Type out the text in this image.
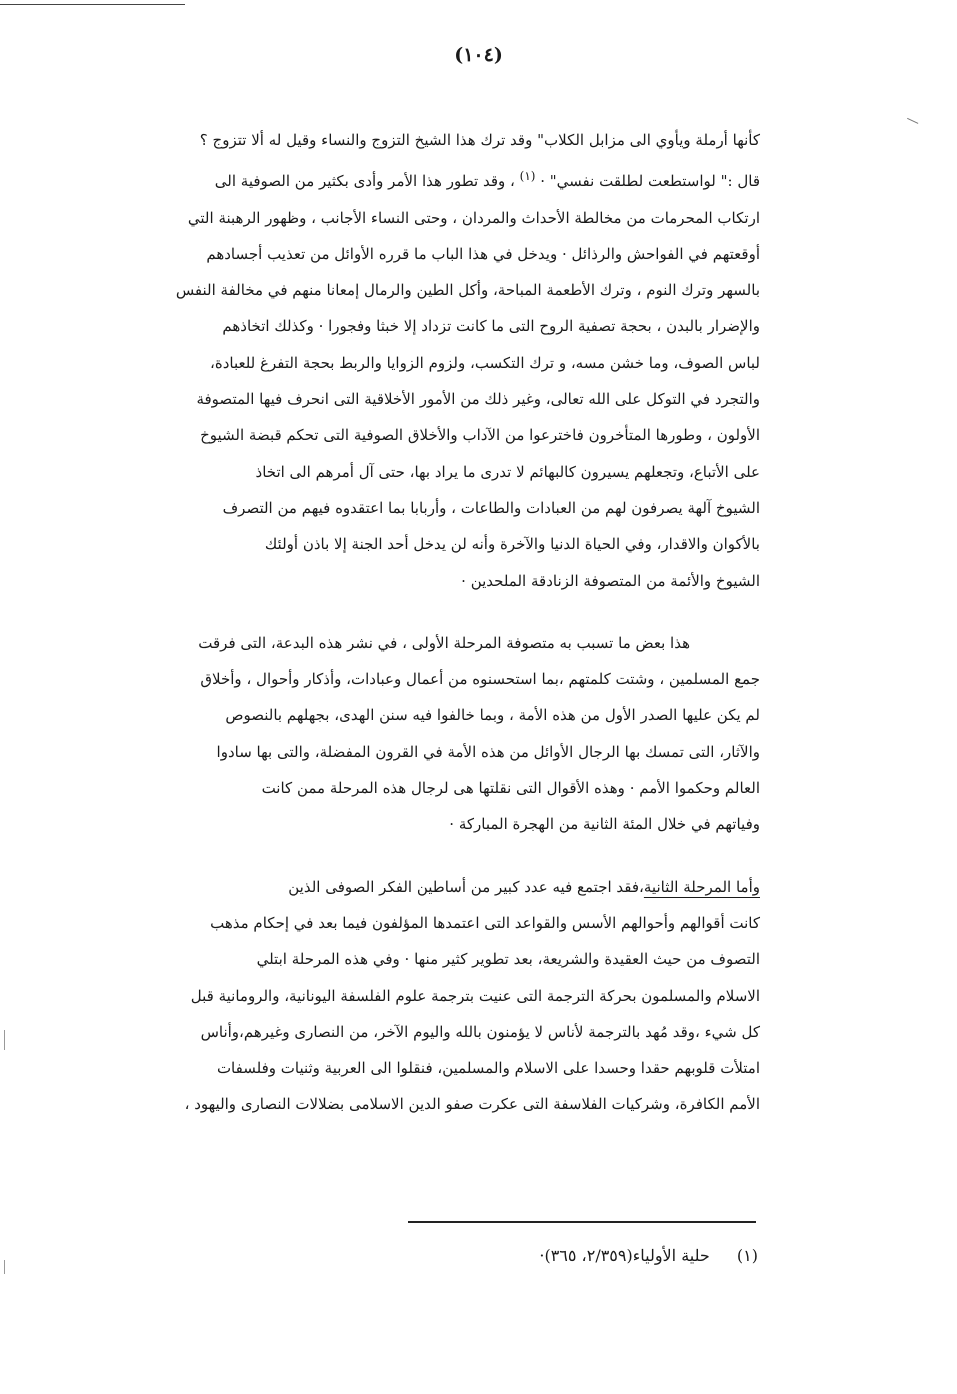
(١٠٤)

كأنها أرملة ويأوي الى مزابل الكلاب" وقد ترك هذا الشيخ التزوج والنساء وقيل له ألا تتزوج ؟

قال :" لواستطعت لطلقت نفسي" · $^{(١)}$ ، وقد تطور هذا الأمر وأدى بكثير من الصوفية الى

ارتكاب المحرمات من مخالطة الأحداث والمردان ، وحتى النساء الأجانب ، وظهور الرهبنة التي

أوقعتهم في الفواحش والرذائل · ويدخل في هذا الباب ما قرره الأوائل من تعذيب أجسادهم

بالسهر وترك النوم ، وترك الأطعمة المباحة، وأكل الطين والرمال إمعانا منهم في مخالفة النفس

والإضرار بالبدن ، بحجة تصفية الروح التى ما كانت تزداد إلا خبثا وفجورا · وكذلك اتخاذهم

لباس الصوف، وما خشن مسه، و ترك التكسب، ولزوم الزوايا والربط بحجة التفرغ للعبادة،

والتجرد في التوكل على الله تعالى، وغير ذلك من الأمور الأخلاقية التى انحرف فيها المتصوفة

الأولون ، وطورها المتأخرون فاخترعوا من الآداب والأخلاق الصوفية التى تحكم قبضة الشيوخ

على الأتباع، وتجعلهم يسيرون كالبهائم لا تدرى ما يراد بها، حتى آل أمرهم الى اتخاذ

الشيوخ آلهة يصرفون لهم من العبادات والطاعات ، وأربابا بما اعتقدوه فيهم من التصرف

بالأكوان والاقدار، وفي الحياة الدنيا والآخرة وأنه لن يدخل أحد الجنة إلا باذن أولئك

الشيوخ والأئمة من المتصوفة الزنادقة الملحدين ·

هذا بعض ما تسبب به متصوفة المرحلة الأولى ، في نشر هذه البدعة، التى فرقت

جمع المسلمين ، وشتت كلمتهم ،بما استحسنوه من أعمال وعبادات، وأذكار وأحوال ، وأخلاق

لم يكن عليها الصدر الأول من هذه الأمة ، وبما خالفوا فيه سنن الهدى، بجهلهم بالنصوص

والآثار، التى تمسك بها الرجال الأوائل من هذه الأمة في القرون المفضلة، والتى بها سادوا

العالم وحكموا الأمم · وهذه الأقوال التى نقلتها هى لرجال هذه المرحلة ممن كانت

وفياتهم في خلال المئة الثانية من الهجرة المباركة ·

وأما المرحلة الثانية،فقد اجتمع فيه عدد كبير من أساطين الفكر الصوفى الذين

كانت أقوالهم وأحوالهم الأسس والقواعد التى اعتمدها المؤلفون فيما بعد في إحكام مذهب

التصوف من حيث العقيدة والشريعة، بعد تطوير كثير منها · وفي هذه المرحلة ابتلي

الاسلام والمسلمون بحركة الترجمة التى عنيت بترجمة علوم الفلسفة اليونانية، والرومانية قبل

كل شيء ،وقد مُهد بالترجمة لأناس لا يؤمنون بالله واليوم الآخر، من النصارى وغيرهم،وأناس

امتلأت قلوبهم حقدا وحسدا على الاسلام والمسلمين، فنقلوا الى العربية وثنيات وفلسفات

الأمم الكافرة، وشركيات الفلاسفة التى عكرت صفو الدين الاسلامى بضلالات النصارى واليهود ،

(١) حلية الأولياء(٢/٣٥٩، ٣٦٥)·
